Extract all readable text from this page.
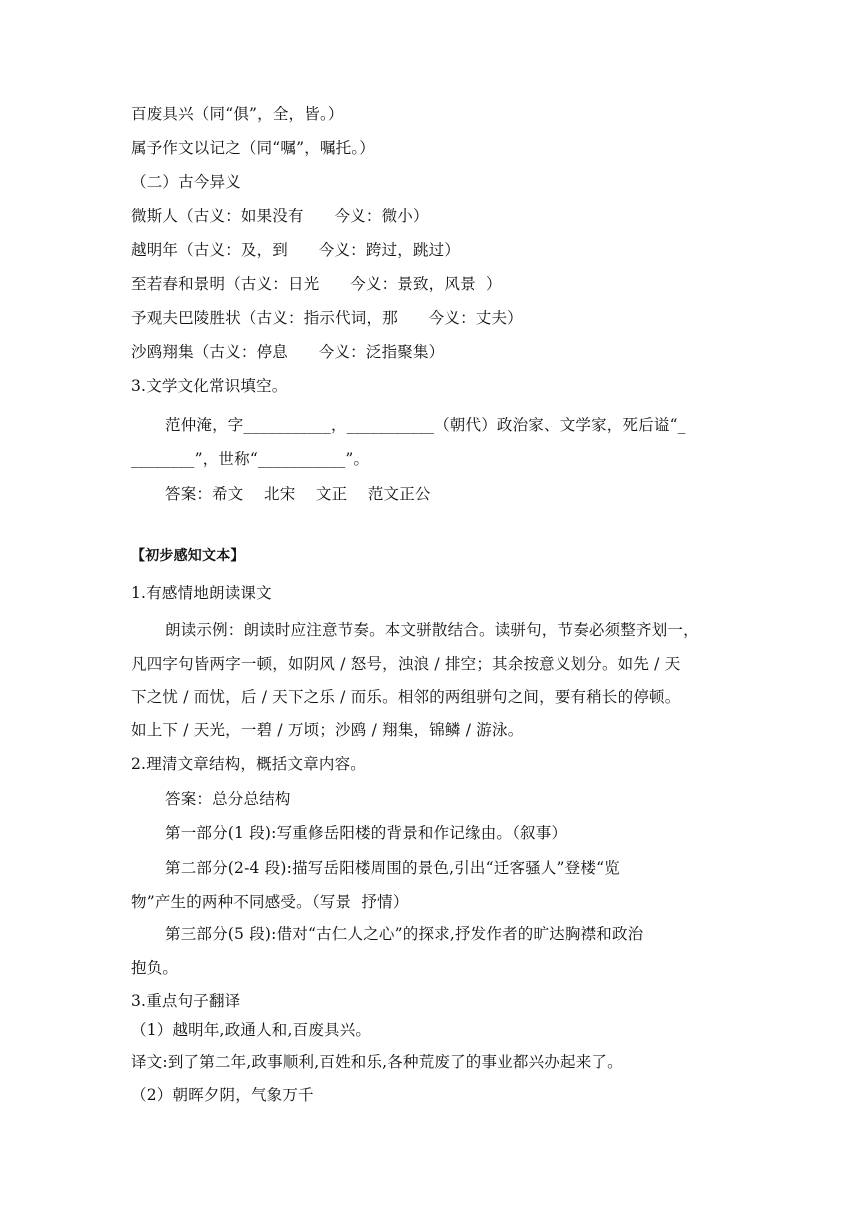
百废具兴（同“俱”，全，皆。）
属予作文以记之（同“嘱”，嘱托。）
（二）古今异义
微斯人（古义：如果没有      今义：微小）
越明年（古义：及，到      今义：跨过，跳过）
至若春和景明（古义：日光      今义：景致，风景  ）
予观夫巴陵胜状（古义：指示代词，那      今义：丈夫）
沙鸥翔集（古义：停息      今义：泛指聚集）
3.文学文化常识填空。
范仲淹，字___________，___________（朝代）政治家、文学家，死后谥“_
________”，世称“___________”。
答案：希文    北宋    文正    范文正公
【初步感知文本】
1.有感情地朗读课文
朗读示例：朗读时应注意节奏。本文骈散结合。读骈句，节奏必须整齐划一，
凡四字句皆两字一顿，如阴风 / 怒号，浊浪 / 排空；其余按意义划分。如先 / 天
下之忧 / 而忧，后 / 天下之乐 / 而乐。相邻的两组骈句之间，要有稍长的停顿。
如上下 / 天光，一碧 / 万顷；沙鸥 / 翔集，锦鳞 / 游泳。
2.理清文章结构，概括文章内容。
答案：总分总结构
第一部分(1 段):写重修岳阳楼的背景和作记缘由。（叙事）
第二部分(2-4 段):描写岳阳楼周围的景色,引出“迁客骚人”登楼“览
物”产生的两种不同感受。（写景  抒情）
第三部分(5 段):借对“古仁人之心”的探求,抒发作者的旷达胸襟和政治
抱负。
3.重点句子翻译
（1）越明年,政通人和,百废具兴。
译文:到了第二年,政事顺利,百姓和乐,各种荒废了的事业都兴办起来了。
（2）朝晖夕阴，气象万千
